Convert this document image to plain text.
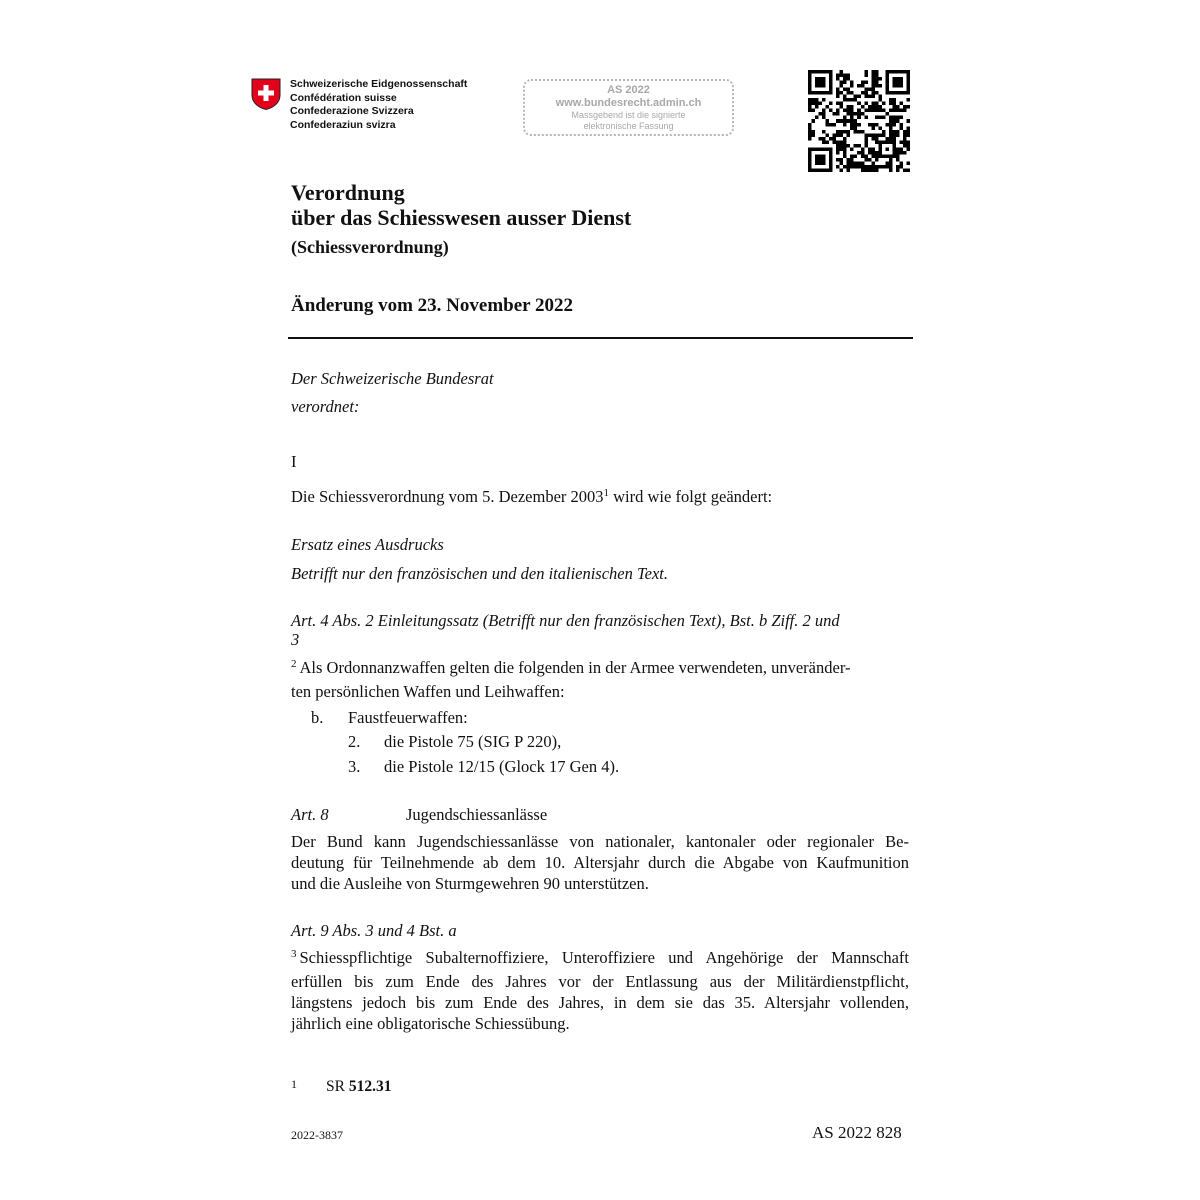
Schweizerische Eidgenossenschaft
Confédération suisse
Confederazione Svizzera
Confederaziun svizra
AS 2022
www.bundesrecht.admin.ch
Massgebend ist die signierte
elektronische Fassung
Verordnung
über das Schiesswesen ausser Dienst
(Schiessverordnung)
Änderung vom 23. November 2022
Der Schweizerische Bundesrat
verordnet:
I
Die Schiessverordnung vom 5. Dezember 2003$^1$ wird wie folgt geändert:
Ersatz eines Ausdrucks
Betrifft nur den französischen und den italienischen Text.
Art. 4 Abs. 2 Einleitungssatz (Betrifft nur den französischen Text), Bst. b Ziff. 2 und
3
$^2$ Als Ordonnanzwaffen gelten die folgenden in der Armee verwendeten, unveränder-
ten persönlichen Waffen und Leihwaffen:
b. Faustfeuerwaffen:
2. die Pistole 75 (SIG P 220),
3. die Pistole 12/15 (Glock 17 Gen 4).
Art. 8	Jugendschiessanlässe
Der Bund kann Jugendschiessanlässe von nationaler, kantonaler oder regionaler Be-
deutung für Teilnehmende ab dem 10. Altersjahr durch die Abgabe von Kaufmunition
und die Ausleihe von Sturmgewehren 90 unterstützen.
Art. 9 Abs. 3 und 4 Bst. a
$^3$ Schiesspflichtige Subalternoffiziere, Unteroffiziere und Angehörige der Mannschaft
erfüllen bis zum Ende des Jahres vor der Entlassung aus der Militärdienstpflicht,
längstens jedoch bis zum Ende des Jahres, in dem sie das 35. Altersjahr vollenden,
jährlich eine obligatorische Schiessübung.
1 SR 512.31
2022-3837	AS 2022 828
